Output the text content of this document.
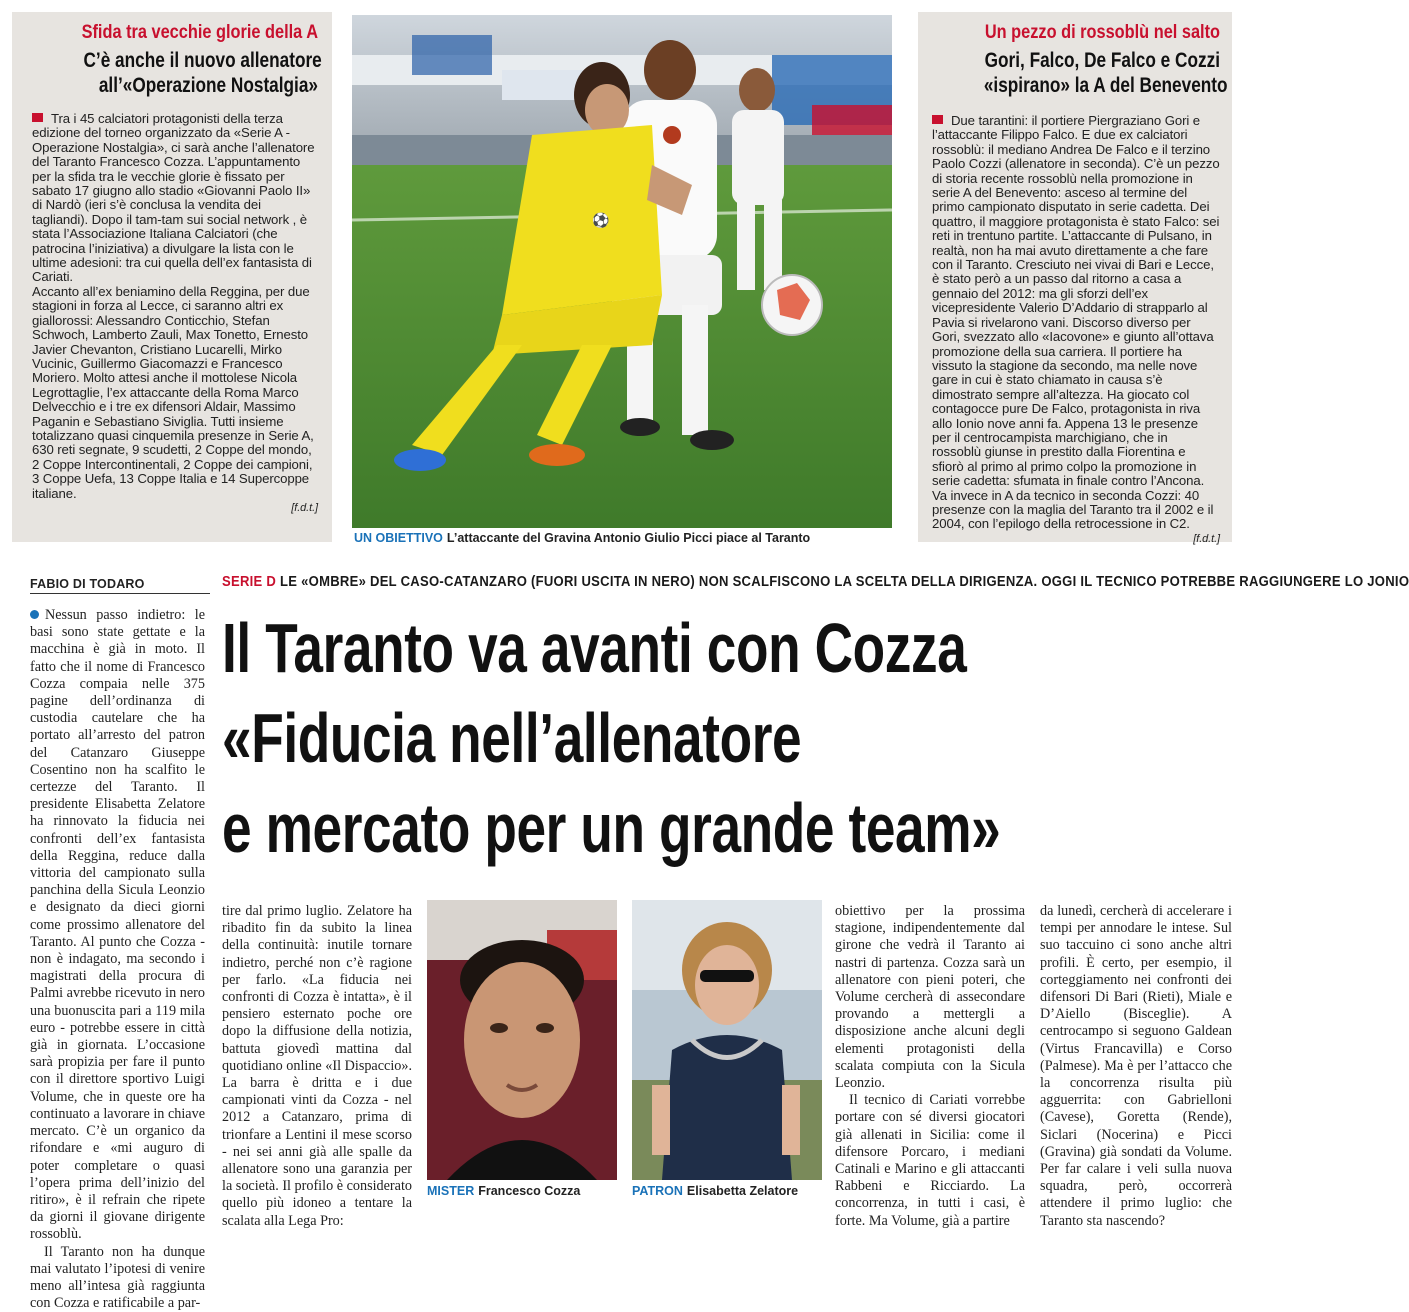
Sfida tra vecchie glorie della A
C’è anche il nuovo allenatore
all’«Operazione Nostalgia»

Tra i 45 calciatori protagonisti della terza edizione del torneo organizzato da «Serie A - Operazione Nostalgia», ci sarà anche l’allenatore del Taranto Francesco Cozza. L’appuntamento per la sfida tra le vecchie glorie è fissato per sabato 17 giugno allo stadio «Giovanni Paolo II» di Nardò (ieri s’è conclusa la vendita dei tagliandi). Dopo il tam-tam sui social network , è stata l’Associazione Italiana Calciatori (che patrocina l’iniziativa) a divulgare la lista con le ultime adesioni: tra cui quella dell’ex fantasista di Cariati.

Accanto all’ex beniamino della Reggina, per due stagioni in forza al Lecce, ci saranno altri ex giallorossi: Alessandro Conticchio, Stefan Schwoch, Lamberto Zauli, Max Tonetto, Ernesto Javier Chevanton, Cristiano Lucarelli, Mirko Vucinic, Guillermo Giacomazzi e Francesco Moriero. Molto attesi anche il mottolese Nicola Legrottaglie, l’ex attaccante della Roma Marco Delvecchio e i tre ex difensori Aldair, Massimo Paganin e Sebastiano Siviglia. Tutti insieme totalizzano quasi cinquemila presenze in Serie A, 630 reti segnate, 9 scudetti, 2 Coppe del mondo, 2 Coppe Intercontinentali, 2 Coppe dei campioni, 3 Coppe Uefa, 13 Coppe Italia e 14 Supercoppe italiane.

[f.d.t.]

⚽
UN OBIETTIVO L’attaccante del Gravina Antonio Giulio Picci piace al Taranto
Un pezzo di rossoblù nel salto
Gori, Falco, De Falco e Cozzi
«ispirano» la A del Benevento

Due tarantini: il portiere Piergraziano Gori e l’attaccante Filippo Falco. E due ex calciatori rossoblù: il mediano Andrea De Falco e il terzino Paolo Cozzi (allenatore in seconda). C’è un pezzo di storia recente rossoblù nella promozione in serie A del Benevento: asceso al termine del primo campionato disputato in serie cadetta. Dei quattro, il maggiore protagonista è stato Falco: sei reti in trentuno partite. L’attaccante di Pulsano, in realtà, non ha mai avuto direttamente a che fare con il Taranto. Cresciuto nei vivai di Bari e Lecce, è stato però a un passo dal ritorno a casa a gennaio del 2012: ma gli sforzi dell’ex vicepresidente Valerio D’Addario di strapparlo al Pavia si rivelarono vani. Discorso diverso per Gori, svezzato allo «Iacovone» e giunto all’ottava promozione della sua carriera. Il portiere ha vissuto la stagione da secondo, ma nelle nove gare in cui è stato chiamato in causa s’è dimostrato sempre all’altezza. Ha giocato col contagocce pure De Falco, protagonista in riva allo Ionio nove anni fa. Appena 13 le presenze per il centrocampista marchigiano, che in rossoblù giunse in prestito dalla Fiorentina e sfiorò al primo al primo colpo la promozione in serie cadetta: sfumata in finale contro l’Ancona. Va invece in A da tecnico in seconda Cozzi: 40 presenze con la maglia del Taranto tra il 2002 e il 2004, con l’epilogo della retrocessione in C2.

[f.d.t.]

FABIO DI TODARO	SERIE D LE «OMBRE» DEL CASO-CATANZARO (FUORI USCITA IN NERO) NON SCALFISCONO LA SCELTA DELLA DIRIGENZA. OGGI IL TECNICO POTREBBE RAGGIUNGERE LO JONIO
Il Taranto va avanti con Cozza
«Fiducia nell’allenatore
e mercato per un grande team»

Nessun passo indietro: le basi sono state gettate e la macchina è già in moto. Il fatto che il nome di Francesco Cozza compaia nelle 375 pagine dell’ordinanza di custodia cautelare che ha portato all’arresto del patron del Catanzaro Giuseppe Cosentino non ha scalfito le certezze del Taranto. Il presidente Elisabetta Zelatore ha rinnovato la fiducia nei confronti dell’ex fantasista della Reggina, reduce dalla vittoria del campionato sulla panchina della Sicula Leonzio e designato da dieci giorni come prossimo allenatore del Taranto. Al punto che Cozza - non è indagato, ma secondo i magistrati della procura di Palmi avrebbe ricevuto in nero una buonuscita pari a 119 mila euro - potrebbe essere in città già in giornata. L’occasione sarà propizia per fare il punto con il direttore sportivo Luigi Volume, che in queste ore ha continuato a lavorare in chiave mercato. C’è un organico da rifondare e «mi auguro di poter completare o quasi l’opera prima dell’inizio del ritiro», è il refrain che ripete da giorni il giovane dirigente rossoblù.

Il Taranto non ha dunque mai valutato l’ipotesi di venire meno all’intesa già raggiunta con Cozza e ratificabile a par-

tire dal primo luglio. Zelatore ha ribadito fin da subito la linea della continuità: inutile tornare indietro, perché non c’è ragione per farlo. «La fiducia nei confronti di Cozza è intatta», è il pensiero esternato poche ore dopo la diffusione della notizia, battuta giovedì mattina dal quotidiano online «Il Dispaccio». La barra è dritta e i due campionati vinti da Cozza - nel 2012 a Catanzaro, prima di trionfare a Lentini il mese scorso - nei sei anni già alle spalle da allenatore sono una garanzia per la società. Il profilo è considerato quello più idoneo a tentare la scalata alla Lega Pro:

MISTER Francesco Cozza	PATRON Elisabetta Zelatore

obiettivo per la prossima stagione, indipendentemente dal girone che vedrà il Taranto ai nastri di partenza. Cozza sarà un allenatore con pieni poteri, che Volume cercherà di assecondare provando a mettergli a disposizione anche alcuni degli elementi protagonisti della scalata compiuta con la Sicula Leonzio.

Il tecnico di Cariati vorrebbe portare con sé diversi giocatori già allenati in Sicilia: come il difensore Porcaro, i mediani Catinali e Marino e gli attaccanti Rabbeni e Ricciardo. La concorrenza, in tutti i casi, è forte. Ma Volume, già a partire

da lunedì, cercherà di accelerare i tempi per annodare le intese. Sul suo taccuino ci sono anche altri profili. È certo, per esempio, il corteggiamento nei confronti dei difensori Di Bari (Rieti), Miale e D’Aiello (Bisceglie). A centrocampo si seguono Galdean (Virtus Francavilla) e Corso (Palmese). Ma è per l’attacco che la concorrenza risulta più agguerrita: con Gabrielloni (Cavese), Goretta (Rende), Siclari (Nocerina) e Picci (Gravina) già sondati da Volume. Per far calare i veli sulla nuova squadra, però, occorrerà attendere il primo luglio: che Taranto sta nascendo?
